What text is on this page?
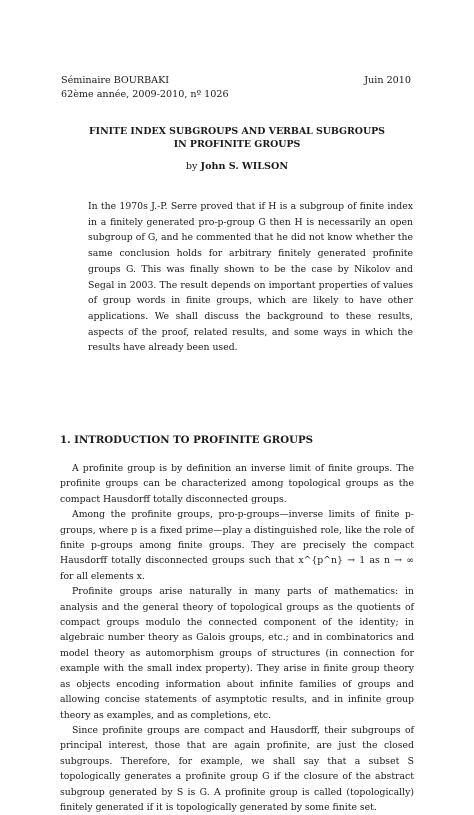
Séminaire BOURBAKI
62ème année, 2009-2010, nº 1026
Juin 2010
FINITE INDEX SUBGROUPS AND VERBAL SUBGROUPS
IN PROFINITE GROUPS
by John S. WILSON

In the 1970s J.-P. Serre proved that if H is a subgroup of finite index in a finitely generated pro-p-group G then H is necessarily an open subgroup of G, and he commented that he did not know whether the same conclusion holds for arbitrary finitely generated profinite groups G. This was finally shown to be the case by Nikolov and Segal in 2003. The result depends on important properties of values of group words in finite groups, which are likely to have other applications. We shall discuss the background to these results, aspects of the proof, related results, and some ways in which the results have already been used.

1. INTRODUCTION TO PROFINITE GROUPS

A profinite group is by definition an inverse limit of finite groups. The profinite groups can be characterized among topological groups as the compact Hausdorff totally disconnected groups.

Among the profinite groups, pro-p-groups—inverse limits of finite p-groups, where p is a fixed prime—play a distinguished role, like the role of finite p-groups among finite groups. They are precisely the compact Hausdorff totally disconnected groups such that x^{p^n} → 1 as n → ∞ for all elements x.

Profinite groups arise naturally in many parts of mathematics: in analysis and the general theory of topological groups as the quotients of compact groups modulo the connected component of the identity; in algebraic number theory as Galois groups, etc.; and in combinatorics and model theory as automorphism groups of structures (in connection for example with the small index property). They arise in finite group theory as objects encoding information about infinite families of groups and allowing concise statements of asymptotic results, and in infinite group theory as examples, and as completions, etc.

Since profinite groups are compact and Hausdorff, their subgroups of principal interest, those that are again profinite, are just the closed subgroups. Therefore, for example, we shall say that a subset S topologically generates a profinite group G if the closure of the abstract subgroup generated by S is G. A profinite group is called (topologically) finitely generated if it is topologically generated by some finite set.
